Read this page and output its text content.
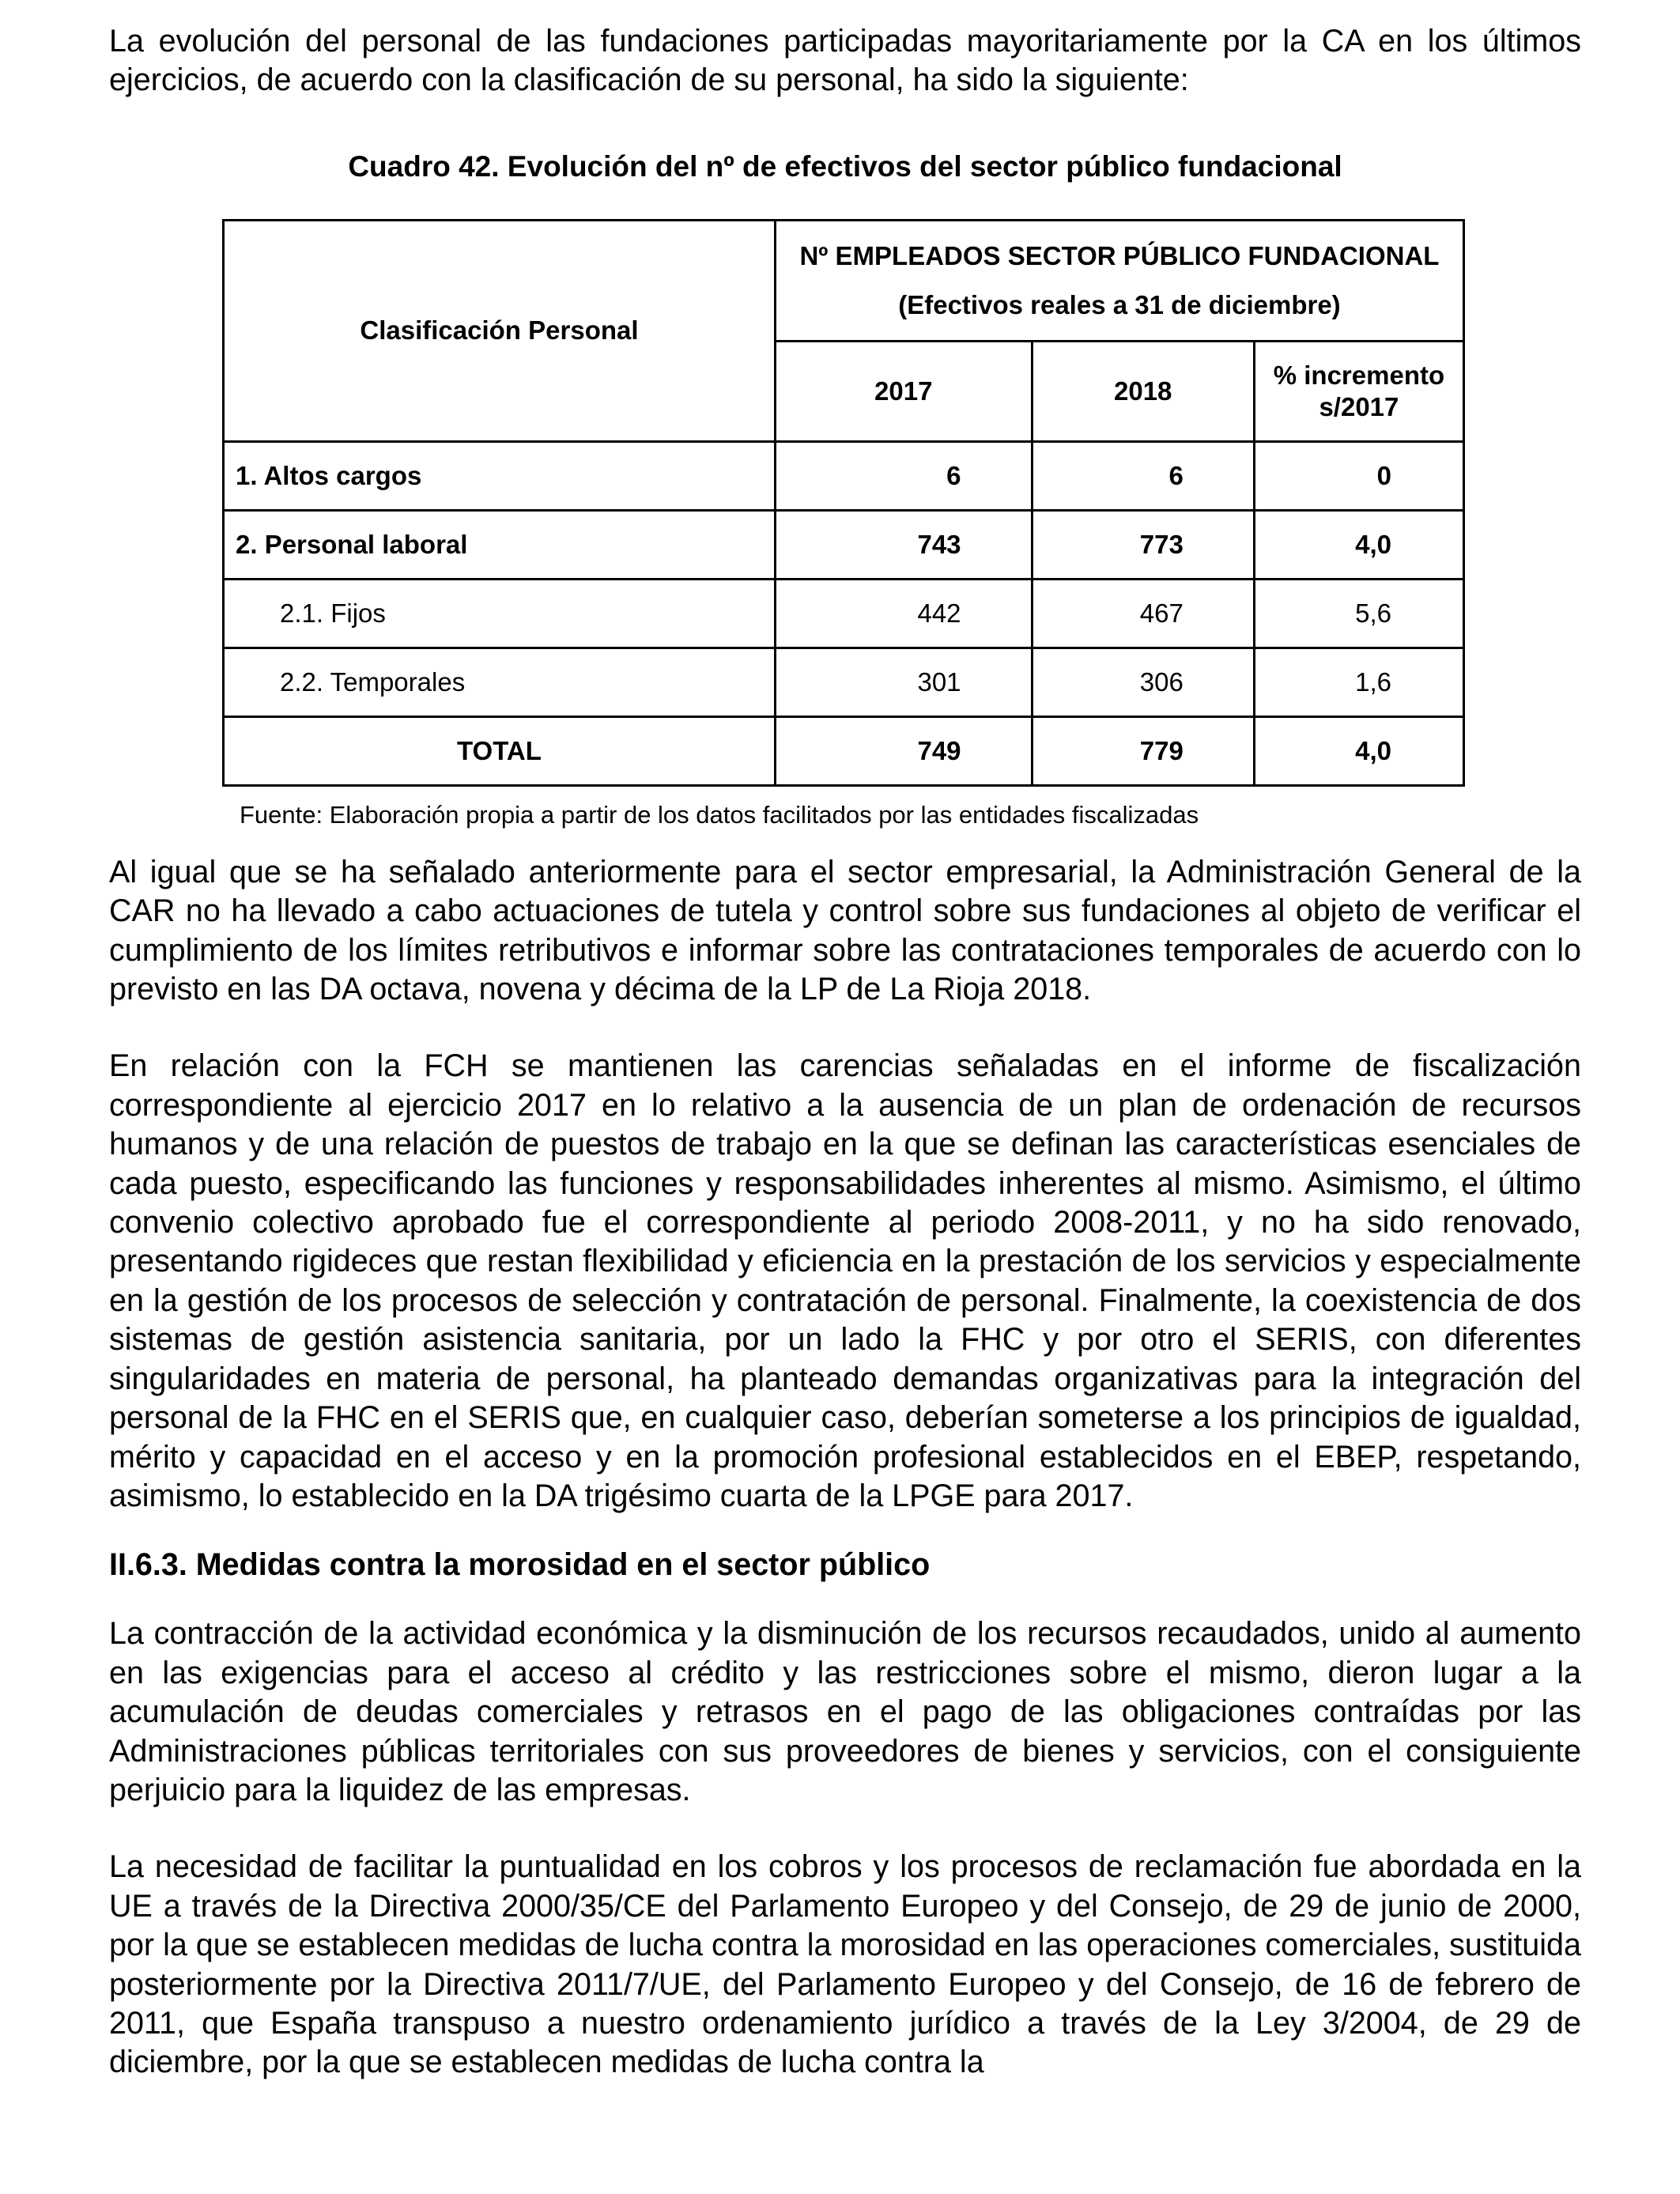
La evolución del personal de las fundaciones participadas mayoritariamente por la CA en los últimos ejercicios, de acuerdo con la clasificación de su personal, ha sido la siguiente:

Cuadro 42. Evolución del nº de efectivos del sector público fundacional

Clasificación Personal	Nº EMPLEADOS SECTOR PÚBLICO FUNDACIONAL
(Efectivos reales a 31 de diciembre)		

	2017	2018	% incremento
s/2017

1. Altos cargos	6	6	0
2. Personal laboral	743	773	4,0
2.1. Fijos	442	467	5,6
2.2. Temporales	301	306	1,6
TOTAL	749	779	4,0

Fuente: Elaboración propia a partir de los datos facilitados por las entidades fiscalizadas

Al igual que se ha señalado anteriormente para el sector empresarial, la Administración General de la CAR no ha llevado a cabo actuaciones de tutela y control sobre sus fundaciones al objeto de verificar el cumplimiento de los límites retributivos e informar sobre las contrataciones temporales de acuerdo con lo previsto en las DA octava, novena y décima de la LP de La Rioja 2018.

En relación con la FCH se mantienen las carencias señaladas en el informe de fiscalización correspondiente al ejercicio 2017 en lo relativo a la ausencia de un plan de ordenación de recursos humanos y de una relación de puestos de trabajo en la que se definan las características esenciales de cada puesto, especificando las funciones y responsabilidades inherentes al mismo. Asimismo, el último convenio colectivo aprobado fue el correspondiente al periodo 2008-2011, y no ha sido renovado, presentando rigideces que restan flexibilidad y eficiencia en la prestación de los servicios y especialmente en la gestión de los procesos de selección y contratación de personal. Finalmente, la coexistencia de dos sistemas de gestión asistencia sanitaria, por un lado la FHC y por otro el SERIS, con diferentes singularidades en materia de personal, ha planteado demandas organizativas para la integración del personal de la FHC en el SERIS que, en cualquier caso, deberían someterse a los principios de igualdad, mérito y capacidad en el acceso y en la promoción profesional establecidos en el EBEP, respetando, asimismo, lo establecido en la DA trigésimo cuarta de la LPGE para 2017.

II.6.3. Medidas contra la morosidad en el sector público

La contracción de la actividad económica y la disminución de los recursos recaudados, unido al aumento en las exigencias para el acceso al crédito y las restricciones sobre el mismo, dieron lugar a la acumulación de deudas comerciales y retrasos en el pago de las obligaciones contraídas por las Administraciones públicas territoriales con sus proveedores de bienes y servicios, con el consiguiente perjuicio para la liquidez de las empresas.

La necesidad de facilitar la puntualidad en los cobros y los procesos de reclamación fue abordada en la UE a través de la Directiva 2000/35/CE del Parlamento Europeo y del Consejo, de 29 de junio de 2000, por la que se establecen medidas de lucha contra la morosidad en las operaciones comerciales, sustituida posteriormente por la Directiva 2011/7/UE, del Parlamento Europeo y del Consejo, de 16 de febrero de 2011, que España transpuso a nuestro ordenamiento jurídico a través de la Ley 3/2004, de 29 de diciembre, por la que se establecen medidas de lucha contra la
